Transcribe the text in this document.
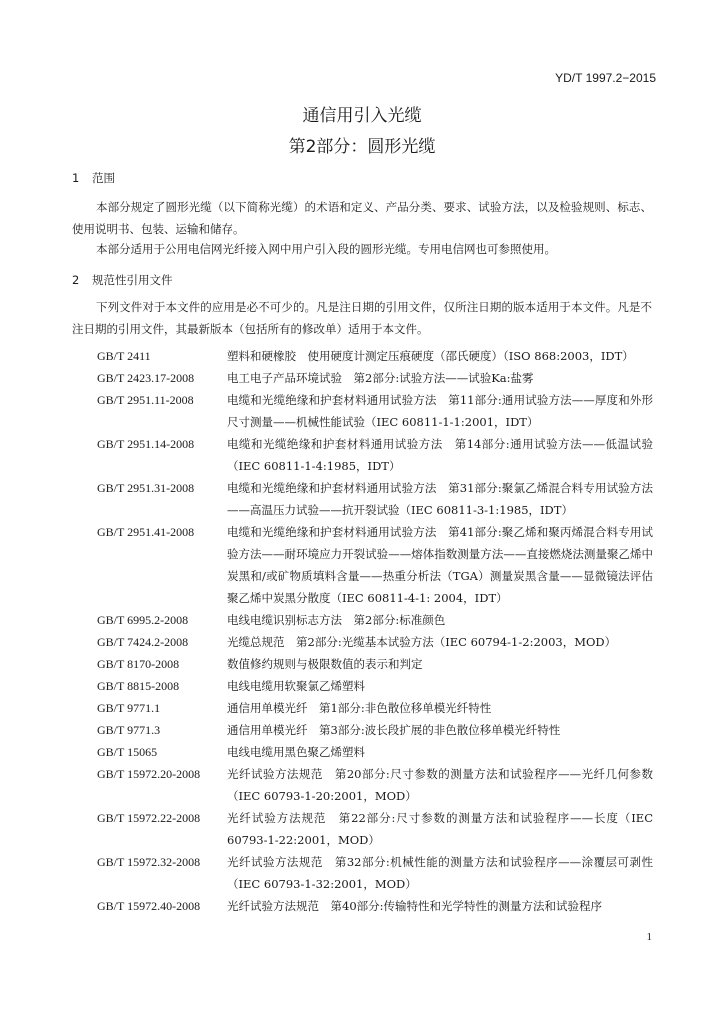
YD/T 1997.2−2015
通信用引入光缆
第2部分：圆形光缆
1 范围
本部分规定了圆形光缆（以下简称光缆）的术语和定义、产品分类、要求、试验方法，以及检验规则、标志、使用说明书、包装、运输和储存。
本部分适用于公用电信网光纤接入网中用户引入段的圆形光缆。专用电信网也可参照使用。
2 规范性引用文件
下列文件对于本文件的应用是必不可少的。凡是注日期的引用文件，仅所注日期的版本适用于本文件。凡是不注日期的引用文件，其最新版本（包括所有的修改单）适用于本文件。
GB/T 2411	塑料和硬橡胶　使用硬度计测定压痕硬度（邵氏硬度）（ISO 868:2003，IDT）
GB/T 2423.17-2008	电工电子产品环境试验　第2部分:试验方法——试验Ka:盐雾
GB/T 2951.11-2008	电缆和光缆绝缘和护套材料通用试验方法　第11部分:通用试验方法——厚度和外形尺寸测量——机械性能试验（IEC 60811-1-1:2001，IDT）
GB/T 2951.14-2008	电缆和光缆绝缘和护套材料通用试验方法　第14部分:通用试验方法——低温试验（IEC 60811-1-4:1985，IDT）
GB/T 2951.31-2008	电缆和光缆绝缘和护套材料通用试验方法　第31部分:聚氯乙烯混合料专用试验方法——高温压力试验——抗开裂试验（IEC 60811-3-1:1985，IDT）
GB/T 2951.41-2008	电缆和光缆绝缘和护套材料通用试验方法　第41部分:聚乙烯和聚丙烯混合料专用试验方法——耐环境应力开裂试验——熔体指数测量方法——直接燃烧法测量聚乙烯中炭黑和/或矿物质填料含量——热重分析法（TGA）测量炭黑含量——显微镜法评估聚乙烯中炭黑分散度（IEC 60811-4-1: 2004，IDT）
GB/T 6995.2-2008	电线电缆识别标志方法　第2部分:标准颜色
GB/T 7424.2-2008	光缆总规范　第2部分:光缆基本试验方法（IEC 60794-1-2:2003，MOD）
GB/T 8170-2008	数值修约规则与极限数值的表示和判定
GB/T 8815-2008	电线电缆用软聚氯乙烯塑料
GB/T 9771.1	通信用单模光纤　第1部分:非色散位移单模光纤特性
GB/T 9771.3	通信用单模光纤　第3部分:波长段扩展的非色散位移单模光纤特性
GB/T 15065	电线电缆用黑色聚乙烯塑料
GB/T 15972.20-2008	光纤试验方法规范　第20部分:尺寸参数的测量方法和试验程序——光纤几何参数（IEC 60793-1-20:2001，MOD）
GB/T 15972.22-2008	光纤试验方法规范　第22部分:尺寸参数的测量方法和试验程序——长度（IEC 60793-1-22:2001，MOD）
GB/T 15972.32-2008	光纤试验方法规范　第32部分:机械性能的测量方法和试验程序——涂覆层可剥性（IEC 60793-1-32:2001，MOD）
GB/T 15972.40-2008	光纤试验方法规范　第40部分:传输特性和光学特性的测量方法和试验程序
1
